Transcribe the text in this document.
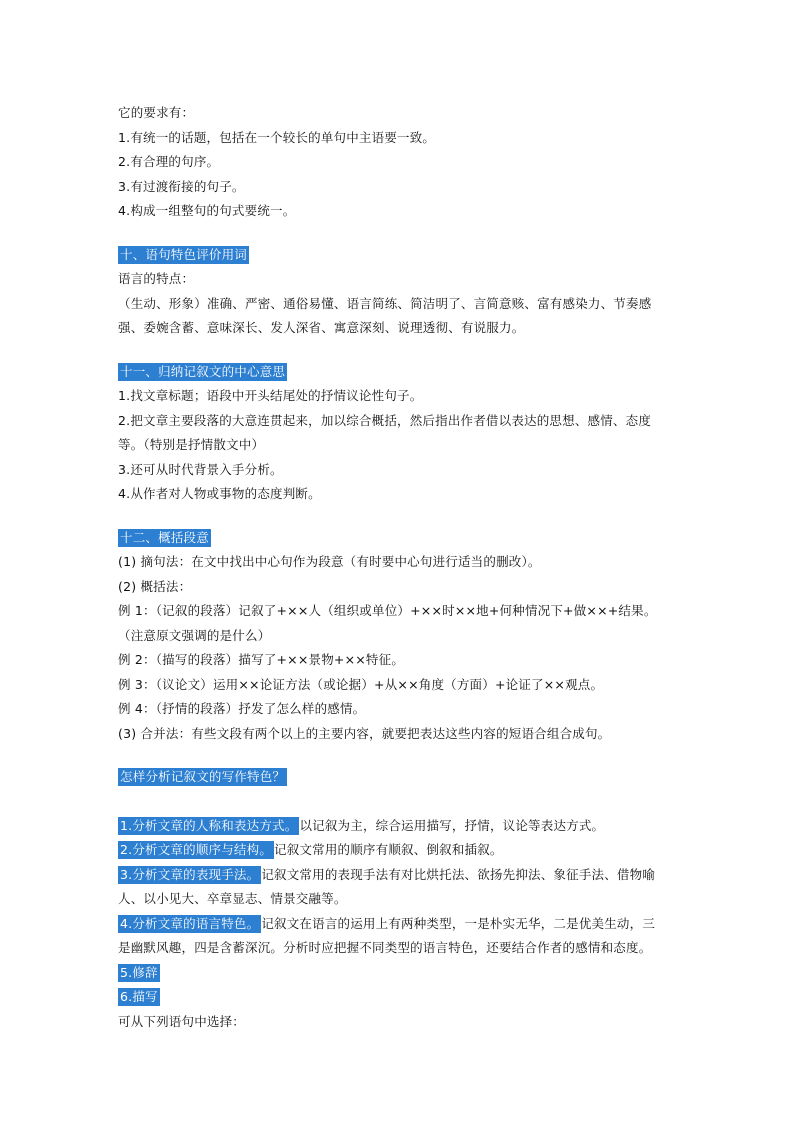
它的要求有：
1.有统一的话题，包括在一个较长的单句中主语要一致。
2.有合理的句序。
3.有过渡衔接的句子。
4.构成一组整句的句式要统一。
十、语句特色评价用词
语言的特点：
（生动、形象）准确、严密、通俗易懂、语言简练、简洁明了、言简意赅、富有感染力、节奏感
强、委婉含蓄、意味深长、发人深省、寓意深刻、说理透彻、有说服力。
十一、归纳记叙文的中心意思
1.找文章标题；语段中开头结尾处的抒情议论性句子。
2.把文章主要段落的大意连贯起来，加以综合概括，然后指出作者借以表达的思想、感情、态度
等。（特别是抒情散文中）
3.还可从时代背景入手分析。
4.从作者对人物或事物的态度判断。
十二、概括段意
(1) 摘句法：在文中找出中心句作为段意（有时要中心句进行适当的删改）。
(2) 概括法：
例 1：（记叙的段落）记叙了+××人（组织或单位）+××时××地+何种情况下+做××+结果。
（注意原文强调的是什么）
例 2：（描写的段落）描写了+××景物+××特征。
例 3：（议论文）运用××论证方法（或论据）+从××角度（方面）+论证了××观点。
例 4：（抒情的段落）抒发了怎么样的感情。
(3) 合并法：有些文段有两个以上的主要内容，就要把表达这些内容的短语合组合成句。
怎样分析记叙文的写作特色？
1.分析文章的人称和表达方式。 以记叙为主，综合运用描写，抒情，议论等表达方式。
2.分析文章的顺序与结构。 记叙文常用的顺序有顺叙、倒叙和插叙。
3.分析文章的表现手法。 记叙文常用的表现手法有对比烘托法、欲扬先抑法、象征手法、借物喻
人、以小见大、卒章显志、情景交融等。
4.分析文章的语言特色。 记叙文在语言的运用上有两种类型，一是朴实无华，二是优美生动，三
是幽默风趣，四是含蓄深沉。分析时应把握不同类型的语言特色，还要结合作者的感情和态度。
5.修辞
6.描写
可从下列语句中选择：
